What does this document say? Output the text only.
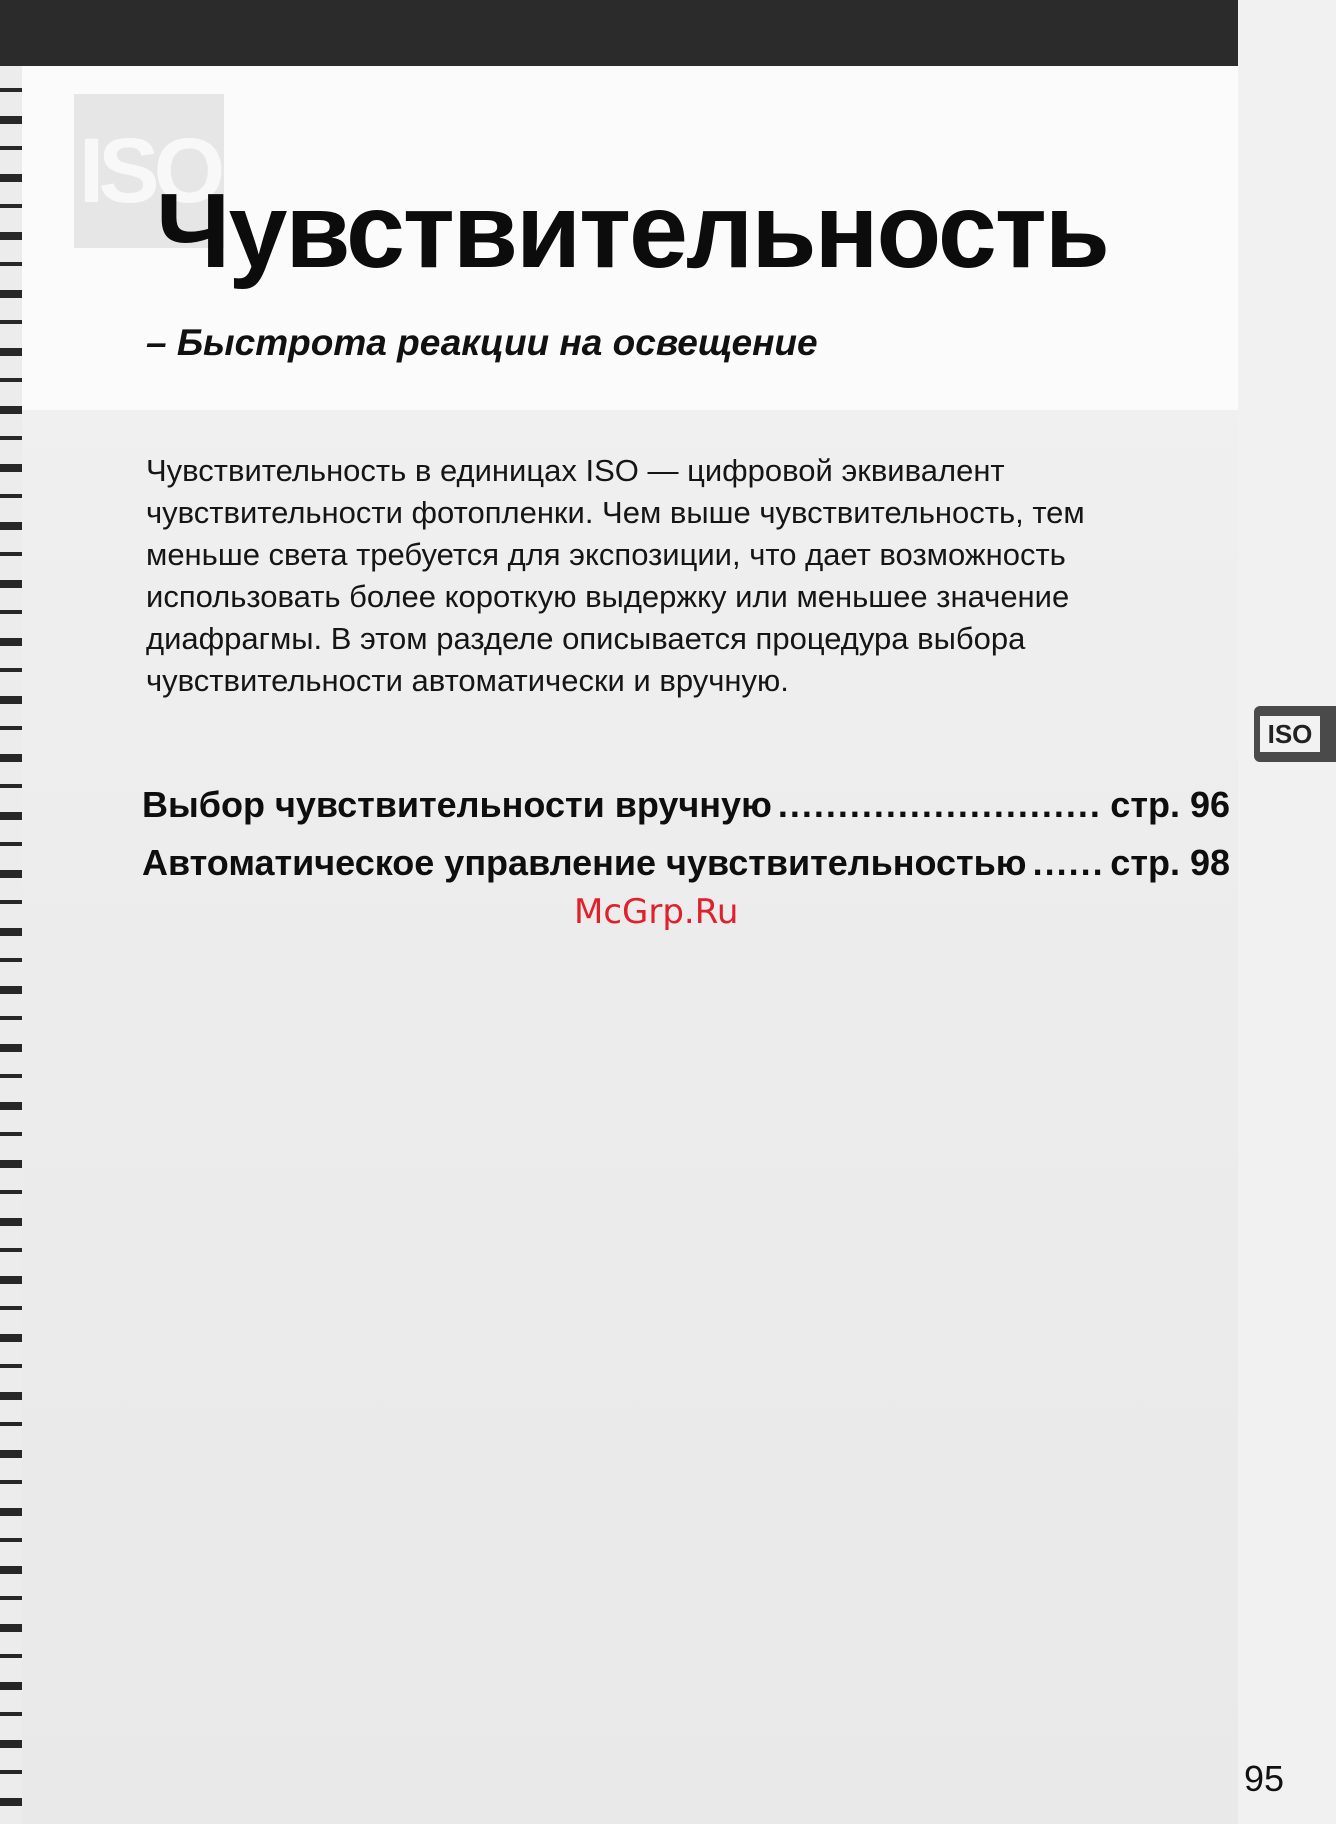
ISO
Чувствительность

– Быстрота реакции на освещение

Чувствительность в единицах ISO — цифровой эквивалент
чувствительности фотопленки. Чем выше чувствительность, тем
меньше света требуется для экспозиции, что дает возможность
использовать более короткую выдержку или меньшее значение
диафрагмы. В этом разделе описывается процедура выбора
чувствительности автоматически и вручную.

Выбор чувствительности вручную .....	стр. 96
Автоматическое управление чувствительностью ..... стр. 98
McGrp.Ru
ISO
95
